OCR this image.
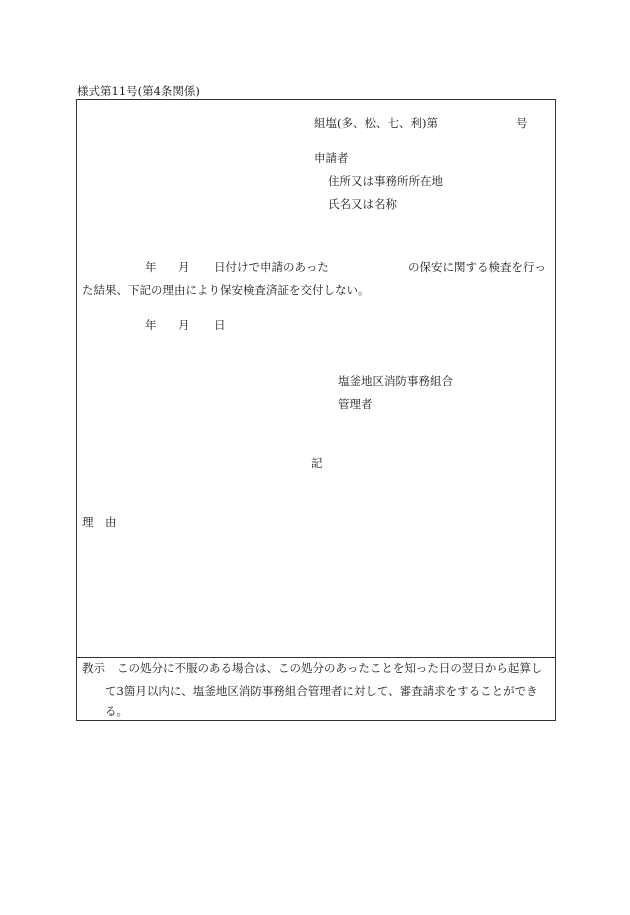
様式第11号(第4条関係)
組塩(多、松、七、利)第	号
申請者
住所又は事務所所在地
氏名又は名称
年 月 日付けで申請のあった	の保安に関する検査を行っ
た結果、下記の理由により保安検査済証を交付しない。
年 月 日
塩釜地区消防事務組合
管理者
記
理　由
教示 この処分に不服のある場合は、この処分のあったことを知った日の翌日から起算し
て3箇月以内に、塩釜地区消防事務組合管理者に対して、審査請求をすることができ
る。
